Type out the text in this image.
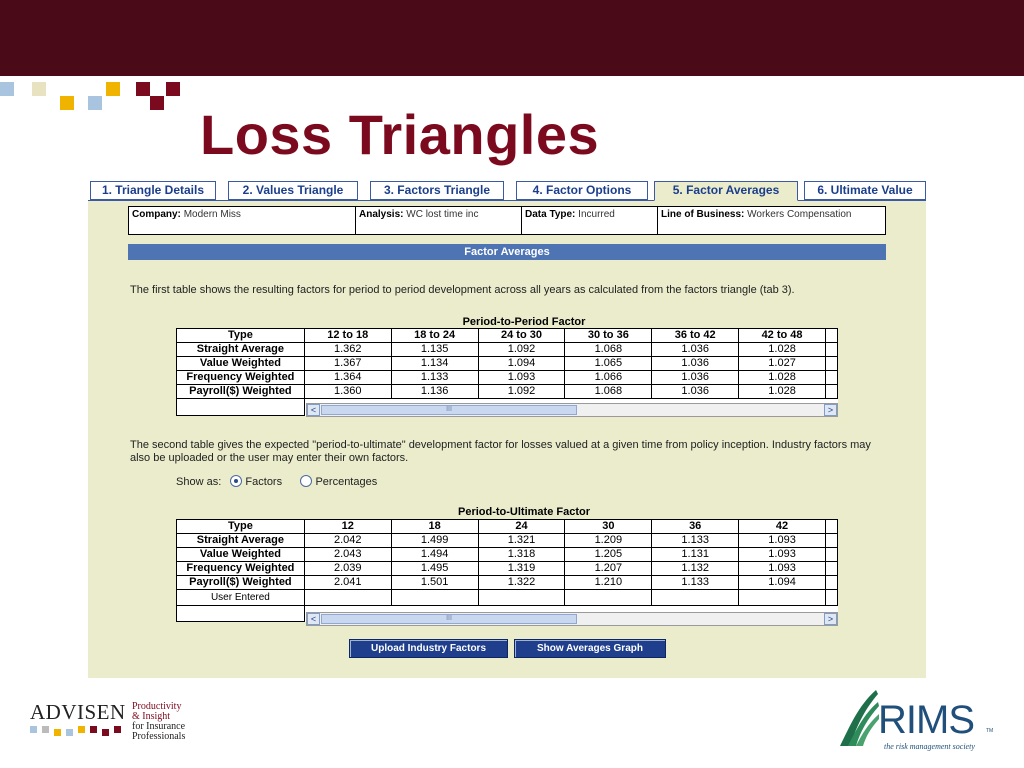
Loss Triangles
1. Triangle Details	2. Values Triangle	3. Factors Triangle	4. Factor Options	5. Factor Averages	6. Ultimate Value
Company: Modern Miss	Analysis: WC lost time inc	Data Type: Incurred	Line of Business: Workers Compensation
Factor Averages
The first table shows the resulting factors for period to period development across all years as calculated from the factors triangle (tab 3).
Period-to-Period Factor
Type	12 to 18	18 to 24	24 to 30	30 to 36	36 to 42	42 to 48	
Straight Average	1.362	1.135	1.092	1.068	1.036	1.028	
Value Weighted	1.367	1.134	1.094	1.065	1.036	1.027	
Frequency Weighted	1.364	1.133	1.093	1.066	1.036	1.028	
Payroll($) Weighted	1.360	1.136	1.092	1.068	1.036	1.028	

<	III	>
The second table gives the expected "period-to-ultimate" development factor for losses valued at a given time from policy inception. Industry factors may also be uploaded or the user may enter their own factors.
Show as: Factors	Percentages
Period-to-Ultimate Factor
Type	12	18	24	30	36	42	
Straight Average	2.042	1.499	1.321	1.209	1.133	1.093	
Value Weighted	2.043	1.494	1.318	1.205	1.131	1.093	
Frequency Weighted	2.039	1.495	1.319	1.207	1.132	1.093	
Payroll($) Weighted	2.041	1.501	1.322	1.210	1.133	1.094	
User Entered							

<	III	>
Upload Industry Factors	Show Averages Graph
ADVISEN Productivity
& Insight
for Insurance
Professionals	RIMS TM
the risk management society
